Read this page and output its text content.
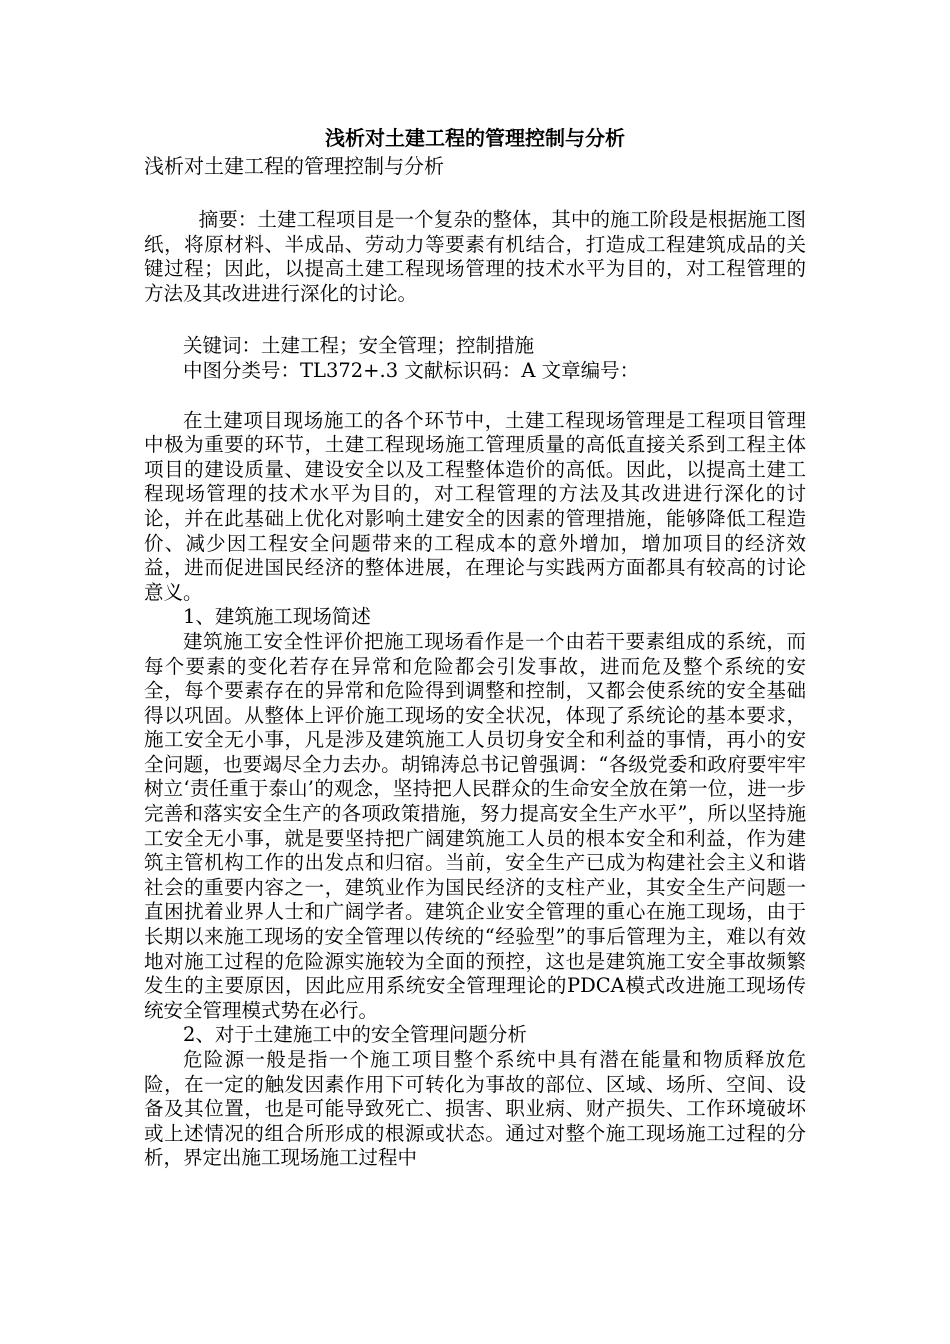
浅析对土建工程的管理控制与分析
浅析对土建工程的管理控制与分析

摘要：土建工程项目是一个复杂的整体，其中的施工阶段是根据施工图纸，将原材料、半成品、劳动力等要素有机结合，打造成工程建筑成品的关键过程；因此，以提高土建工程现场管理的技术水平为目的，对工程管理的方法及其改进进行深化的讨论。

关键词：土建工程；安全管理；控制措施

中图分类号：TL372+.3 文献标识码：A 文章编号：

在土建项目现场施工的各个环节中，土建工程现场管理是工程项目管理中极为重要的环节，土建工程现场施工管理质量的高低直接关系到工程主体项目的建设质量、建设安全以及工程整体造价的高低。因此，以提高土建工程现场管理的技术水平为目的，对工程管理的方法及其改进进行深化的讨论，并在此基础上优化对影响土建安全的因素的管理措施，能够降低工程造价、减少因工程安全问题带来的工程成本的意外增加，增加项目的经济效益，进而促进国民经济的整体进展，在理论与实践两方面都具有较高的讨论意义。

1、建筑施工现场简述

建筑施工安全性评价把施工现场看作是一个由若干要素组成的系统，而每个要素的变化若存在异常和危险都会引发事故，进而危及整个系统的安全，每个要素存在的异常和危险得到调整和控制，又都会使系统的安全基础得以巩固。从整体上评价施工现场的安全状况，体现了系统论的基本要求，施工安全无小事，凡是涉及建筑施工人员切身安全和利益的事情，再小的安全问题，也要竭尽全力去办。胡锦涛总书记曾强调：“各级党委和政府要牢牢树立‘责任重于泰山’的观念，坚持把人民群众的生命安全放在第一位，进一步完善和落实安全生产的各项政策措施，努力提高安全生产水平”，所以坚持施工安全无小事，就是要坚持把广阔建筑施工人员的根本安全和利益，作为建筑主管机构工作的出发点和归宿。当前，安全生产已成为构建社会主义和谐社会的重要内容之一，建筑业作为国民经济的支柱产业，其安全生产问题一直困扰着业界人士和广阔学者。建筑企业安全管理的重心在施工现场，由于长期以来施工现场的安全管理以传统的“经验型”的事后管理为主，难以有效地对施工过程的危险源实施较为全面的预控，这也是建筑施工安全事故频繁发生的主要原因，因此应用系统安全管理理论的PDCA模式改进施工现场传统安全管理模式势在必行。

2、对于土建施工中的安全管理问题分析

危险源一般是指一个施工项目整个系统中具有潜在能量和物质释放危险，在一定的触发因素作用下可转化为事故的部位、区域、场所、空间、设备及其位置，也是可能导致死亡、损害、职业病、财产损失、工作环境破坏或上述情况的组合所形成的根源或状态。通过对整个施工现场施工过程的分析，界定出施工现场施工过程中
